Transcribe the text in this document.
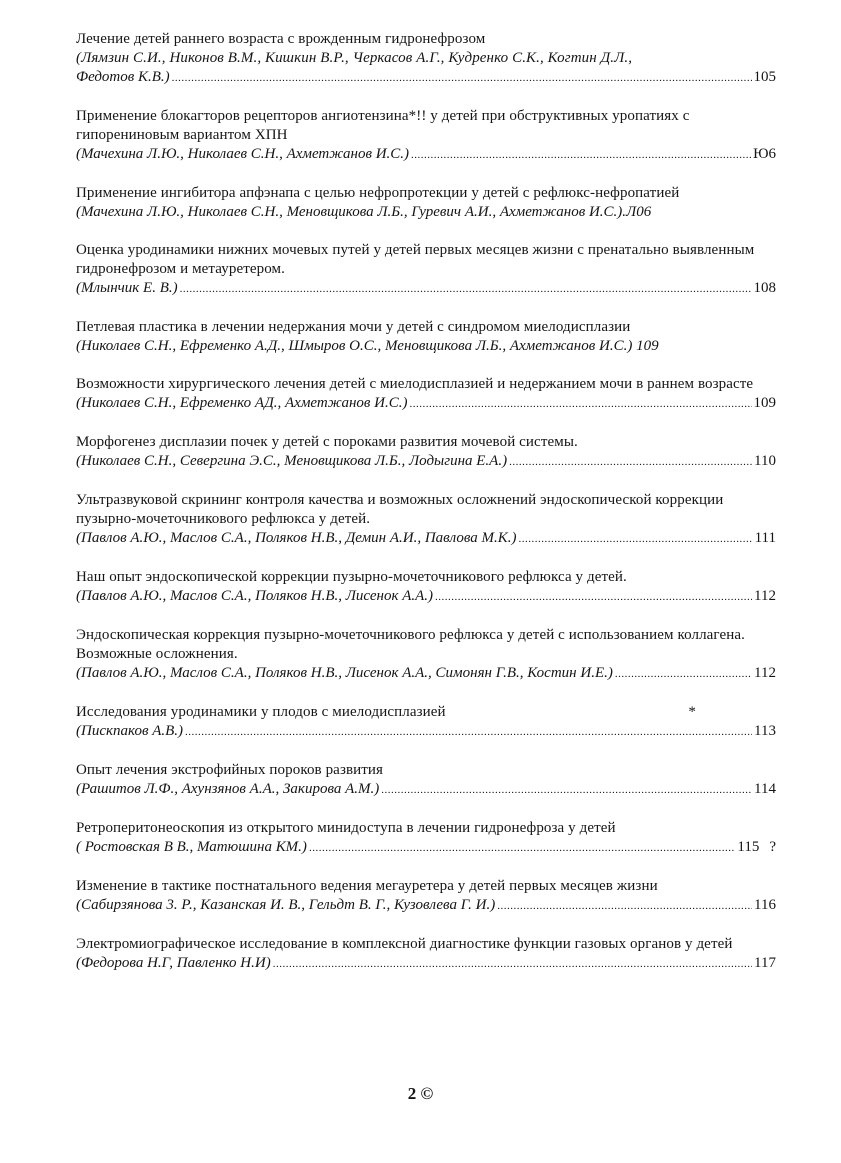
Лечение детей раннего возраста с врожденным гидронефрозом
(Лямзин С.И., Никонов В.М., Кишкин В.Р., Черкасов А.Г., Кудренко С.К., Когтин Д.Л.,
Федотов К.В.) .....	105
Применение блокагторов рецепторов ангиотензина*!! у детей при обструктивных уропатиях с гипорениновым вариантом ХПН
(Мачехина Л.Ю., Николаев С.Н., Ахметжанов И.С.) .....	Ю6
Применение ингибитора апфэнапа с целью нефропротекции у детей с рефлюкс-нефропатией
(Мачехина Л.Ю., Николаев С.Н., Меновщикова Л.Б., Гуревич А.И., Ахметжанов И.С.).Л06
Оценка уродинамики нижних мочевых путей у детей первых месяцев жизни с пренатально выявленным гидронефрозом и метауретером.
(Млынчик Е. В.) .....	108
Петлевая пластика в лечении недержания мочи у детей с синдромом миелодисплазии
(Николаев С.Н., Ефременко А.Д., Шмыров О.С., Меновщикова Л.Б., Ахметжанов И.С.) 109
Возможности хирургического лечения детей с миелодисплазией и недержанием мочи в раннем возрасте
(Николаев С.Н., Ефременко АД., Ахметжанов И.С.) .....	109
Морфогенез дисплазии почек у детей с пороками развития мочевой системы.
(Николаев С.Н., Севергина Э.С., Меновщикова Л.Б., Лодыгина Е.А.) .....	110
Ультразвуковой скрининг контроля качества и возможных осложнений эндоскопической коррекции пузырно-мочеточникового рефлюкса у детей.
(Павлов А.Ю., Маслов С.А., Поляков Н.В., Демин А.И., Павлова М.К.) .....	111
Наш опыт эндоскопической коррекции пузырно-мочеточникового рефлюкса у детей.
(Павлов А.Ю., Маслов С.А., Поляков Н.В., Лисенок А.А.) .....	112
Эндоскопическая коррекция пузырно-мочеточникового рефлюкса у детей с использованием коллагена. Возможные осложнения.
(Павлов А.Ю., Маслов С.А., Поляков Н.В., Лисенок А.А., Симонян Г.В., Костин И.Е.) .....	112
Исследования уродинамики у плодов с миелодисплазией	*
(Пискпаков А.В.) .....	113
Опыт лечения экстрофийных пороков развития
(Рашитов Л.Ф., Ахунзянов А.А., Закирова А.М.) .....	114
Ретроперитонеоскопия из открытого минидоступа в лечении гидронефроза у детей
( Ростовская В В., Матюшина КМ.) .....	115 ?
Изменение в тактике постнатального ведения мегауретера у детей первых месяцев жизни
(Сабирзянова 3. Р., Казанская И. В., Гельдт В. Г., Кузовлева Г. И.) .....	116
Электромиографическое исследование в комплексной диагностике функции газовых органов у детей
(Федорова Н.Г, Павленко Н.И) .....	117
2 ©
